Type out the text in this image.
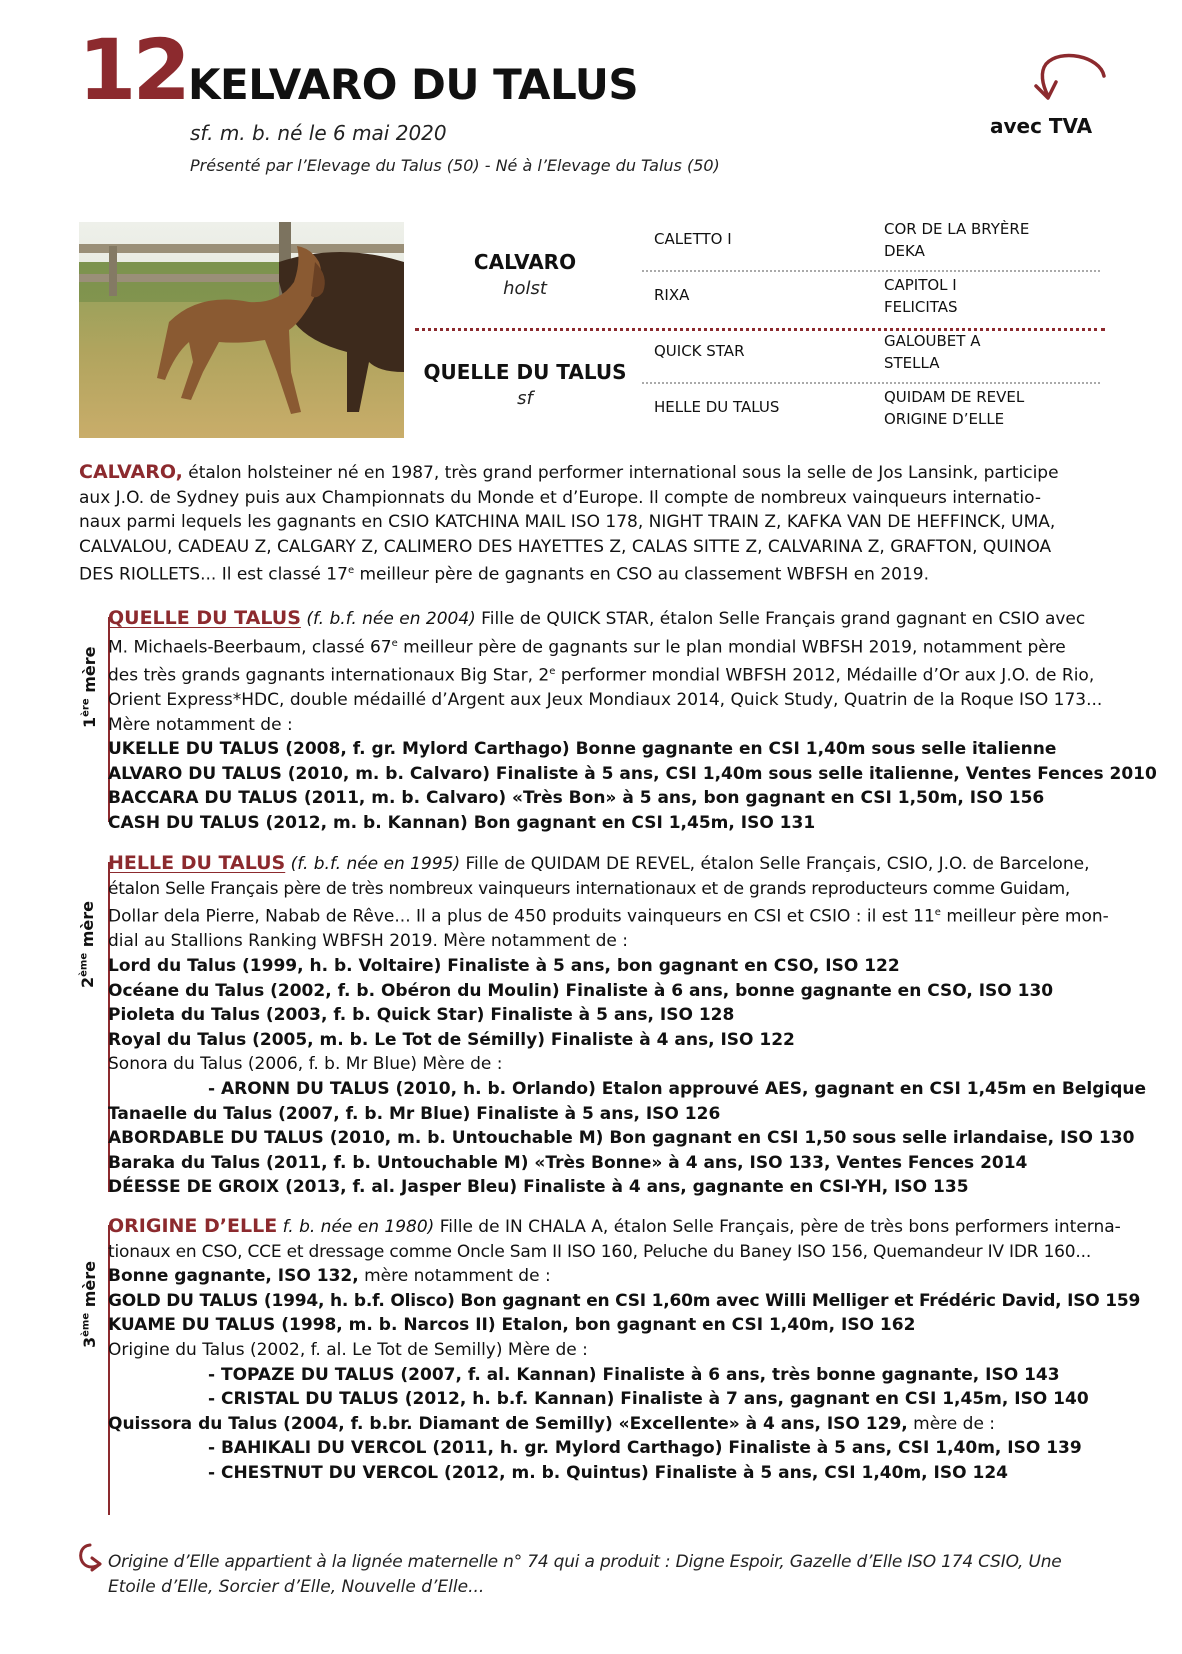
12 KELVARO DU TALUS
sf. m. b. né le 6 mai 2020
Présenté par l’Elevage du Talus (50) - Né à l’Elevage du Talus (50)
avec TVA
CALVARO
holst
QUELLE DU TALUS
sf
CALETTO I
RIXA
QUICK STAR
HELLE DU TALUS
COR DE LA BRYÈRE
DEKA
CAPITOL I
FELICITAS
GALOUBET A
STELLA
QUIDAM DE REVEL
ORIGINE D’ELLE
CALVARO, étalon holsteiner né en 1987, très grand performer international sous la selle de Jos Lansink, participe
aux J.O. de Sydney puis aux Championnats du Monde et d’Europe. Il compte de nombreux vainqueurs internatio-
naux parmi lequels les gagnants en CSIO KATCHINA MAIL ISO 178, NIGHT TRAIN Z, KAFKA VAN DE HEFFINCK, UMA,
CALVALOU, CADEAU Z, CALGARY Z, CALIMERO DES HAYETTES Z, CALAS SITTE Z, CALVARINA Z, GRAFTON, QUINOA
DES RIOLLETS... Il est classé 17e meilleur père de gagnants en CSO au classement WBFSH en 2019.
1ère mère
QUELLE DU TALUS (f. b.f. née en 2004) Fille de QUICK STAR, étalon Selle Français grand gagnant en CSIO avec
M. Michaels-Beerbaum, classé 67e meilleur père de gagnants sur le plan mondial WBFSH 2019, notamment père
des très grands gagnants internationaux Big Star, 2e performer mondial WBFSH 2012, Médaille d’Or aux J.O. de Rio,
Orient Express*HDC, double médaillé d’Argent aux Jeux Mondiaux 2014, Quick Study, Quatrin de la Roque ISO 173...
Mère notamment de :
UKELLE DU TALUS (2008, f. gr. Mylord Carthago) Bonne gagnante en CSI 1,40m sous selle italienne
ALVARO DU TALUS (2010, m. b. Calvaro) Finaliste à 5 ans, CSI 1,40m sous selle italienne, Ventes Fences 2010
BACCARA DU TALUS (2011, m. b. Calvaro) «Très Bon» à 5 ans, bon gagnant en CSI 1,50m, ISO 156
CASH DU TALUS (2012, m. b. Kannan) Bon gagnant en CSI 1,45m, ISO 131
2ème mère
HELLE DU TALUS (f. b.f. née en 1995) Fille de QUIDAM DE REVEL, étalon Selle Français, CSIO, J.O. de Barcelone,
étalon Selle Français père de très nombreux vainqueurs internationaux et de grands reproducteurs comme Guidam,
Dollar dela Pierre, Nabab de Rêve... Il a plus de 450 produits vainqueurs en CSI et CSIO : il est 11e meilleur père mon-
dial au Stallions Ranking WBFSH 2019. Mère notamment de :
Lord du Talus (1999, h. b. Voltaire) Finaliste à 5 ans, bon gagnant en CSO, ISO 122
Océane du Talus (2002, f. b. Obéron du Moulin) Finaliste à 6 ans, bonne gagnante en CSO, ISO 130
Pioleta du Talus (2003, f. b. Quick Star) Finaliste à 5 ans, ISO 128
Royal du Talus (2005, m. b. Le Tot de Sémilly) Finaliste à 4 ans, ISO 122
Sonora du Talus (2006, f. b. Mr Blue) Mère de :
- ARONN DU TALUS (2010, h. b. Orlando) Etalon approuvé AES, gagnant en CSI 1,45m en Belgique
Tanaelle du Talus (2007, f. b. Mr Blue) Finaliste à 5 ans, ISO 126
ABORDABLE DU TALUS (2010, m. b. Untouchable M) Bon gagnant en CSI 1,50 sous selle irlandaise, ISO 130
Baraka du Talus (2011, f. b. Untouchable M) «Très Bonne» à 4 ans, ISO 133, Ventes Fences 2014
DÉESSE DE GROIX (2013, f. al. Jasper Bleu) Finaliste à 4 ans, gagnante en CSI-YH, ISO 135
3ème mère
ORIGINE D’ELLE f. b. née en 1980) Fille de IN CHALA A, étalon Selle Français, père de très bons performers interna-
tionaux en CSO, CCE et dressage comme Oncle Sam II ISO 160, Peluche du Baney ISO 156, Quemandeur IV IDR 160...
Bonne gagnante, ISO 132, mère notamment de :
GOLD DU TALUS (1994, h. b.f. Olisco) Bon gagnant en CSI 1,60m avec Willi Melliger et Frédéric David, ISO 159
KUAME DU TALUS (1998, m. b. Narcos II) Etalon, bon gagnant en CSI 1,40m, ISO 162
Origine du Talus (2002, f. al. Le Tot de Semilly) Mère de :
- TOPAZE DU TALUS (2007, f. al. Kannan) Finaliste à 6 ans, très bonne gagnante, ISO 143
- CRISTAL DU TALUS (2012, h. b.f. Kannan) Finaliste à 7 ans, gagnant en CSI 1,45m, ISO 140
Quissora du Talus (2004, f. b.br. Diamant de Semilly) «Excellente» à 4 ans, ISO 129, mère de :
- BAHIKALI DU VERCOL (2011, h. gr. Mylord Carthago) Finaliste à 5 ans, CSI 1,40m, ISO 139
- CHESTNUT DU VERCOL (2012, m. b. Quintus) Finaliste à 5 ans, CSI 1,40m, ISO 124
Origine d’Elle appartient à la lignée maternelle n° 74 qui a produit : Digne Espoir, Gazelle d’Elle ISO 174 CSIO, Une
Etoile d’Elle, Sorcier d’Elle, Nouvelle d’Elle...
